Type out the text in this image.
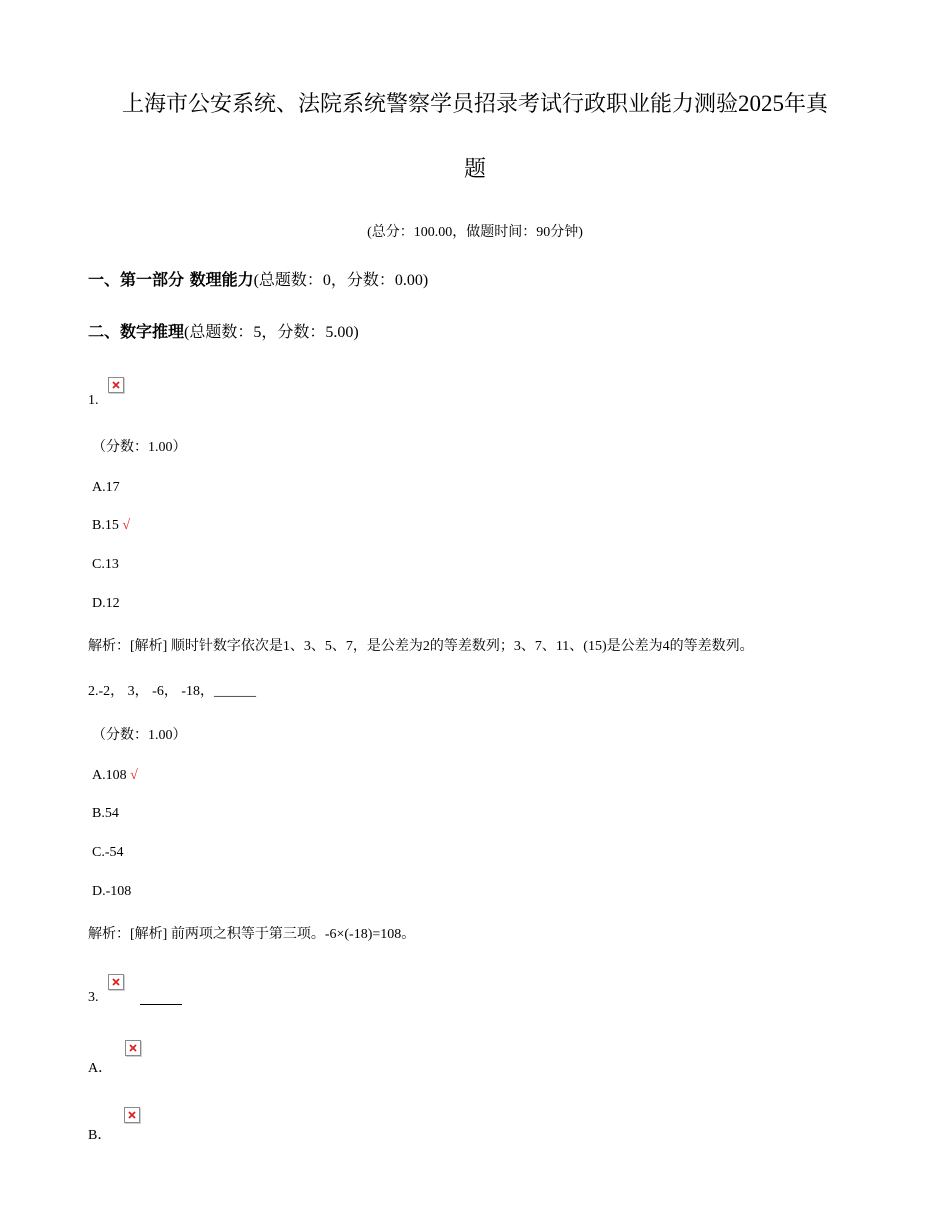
上海市公安系统、法院系统警察学员招录考试行政职业能力测验2025年真
题
(总分：100.00，做题时间：90分钟)
一、第一部分 数理能力(总题数：0，分数：0.00)
二、数字推理(总题数：5，分数：5.00)
1.
（分数：1.00）
A.17
B.15 √
C.13
D.12
解析：[解析] 顺时针数字依次是1、3、5、7，是公差为2的等差数列；3、7、11、(15)是公差为4的等差数列。
2.-2， 3， -6， -18，______
（分数：1.00）
A.108 √
B.54
C.-54
D.-108
解析：[解析] 前两项之积等于第三项。-6×(-18)=108。
3.
A．
B．
